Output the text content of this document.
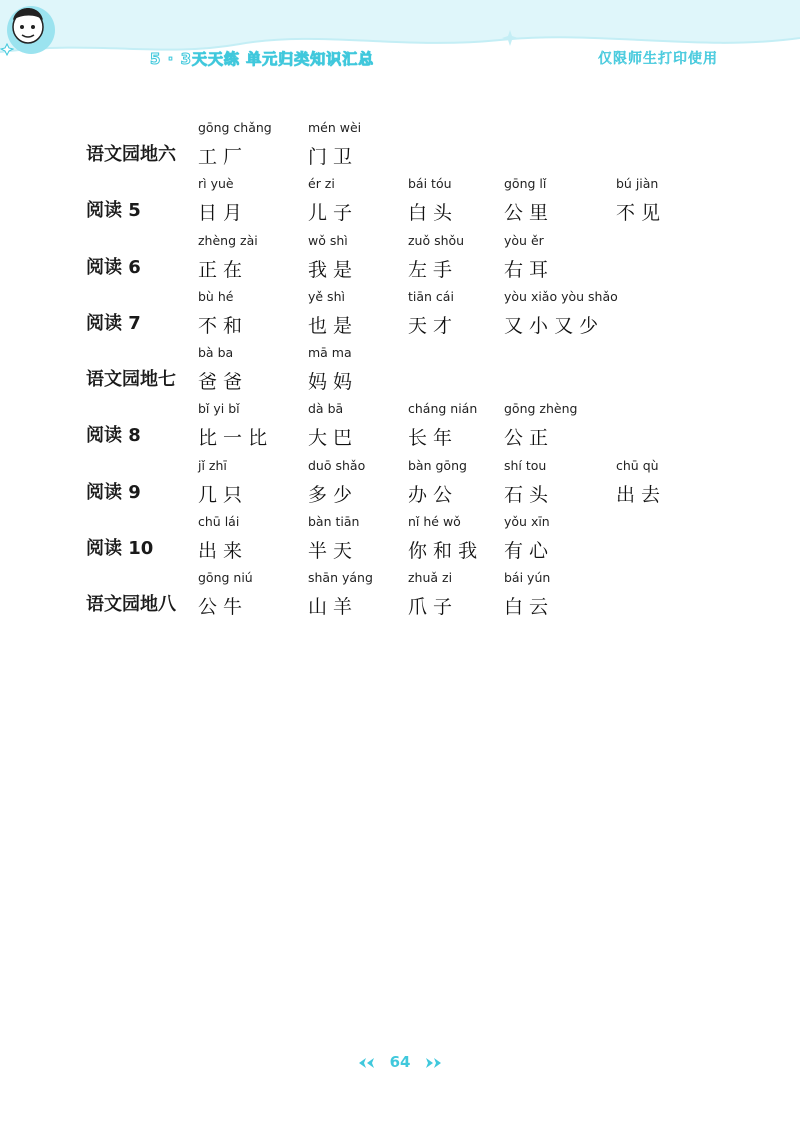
5 · 3天天练 单元归类知识汇总	仅限师生打印使用
语文园地六
gōng chǎng
工 厂
mén wèi
门 卫
阅读 5
rì yuè
日 月
ér zi
儿 子
bái tóu
白 头
gōng lǐ
公 里
bú jiàn
不 见
阅读 6
zhèng zài
正 在
wǒ shì
我 是
zuǒ shǒu
左 手
yòu ěr
右 耳
阅读 7
bù hé
不 和
yě shì
也 是
tiān cái
天 才
yòu xiǎo yòu shǎo
又 小 又 少
语文园地七
bà ba
爸 爸
mā ma
妈 妈
阅读 8
bǐ yi bǐ
比 一 比
dà bā
大 巴
cháng nián
长 年
gōng zhèng
公 正
阅读 9
jǐ zhī
几 只
duō shǎo
多 少
bàn gōng
办 公
shí tou
石 头
chū qù
出 去
阅读 10
chū lái
出 来
bàn tiān
半 天
nǐ hé wǒ
你 和 我
yǒu xīn
有 心
语文园地八
gōng niú
公 牛
shān yáng
山 羊
zhuǎ zi
爪 子
bái yún
白 云
64
